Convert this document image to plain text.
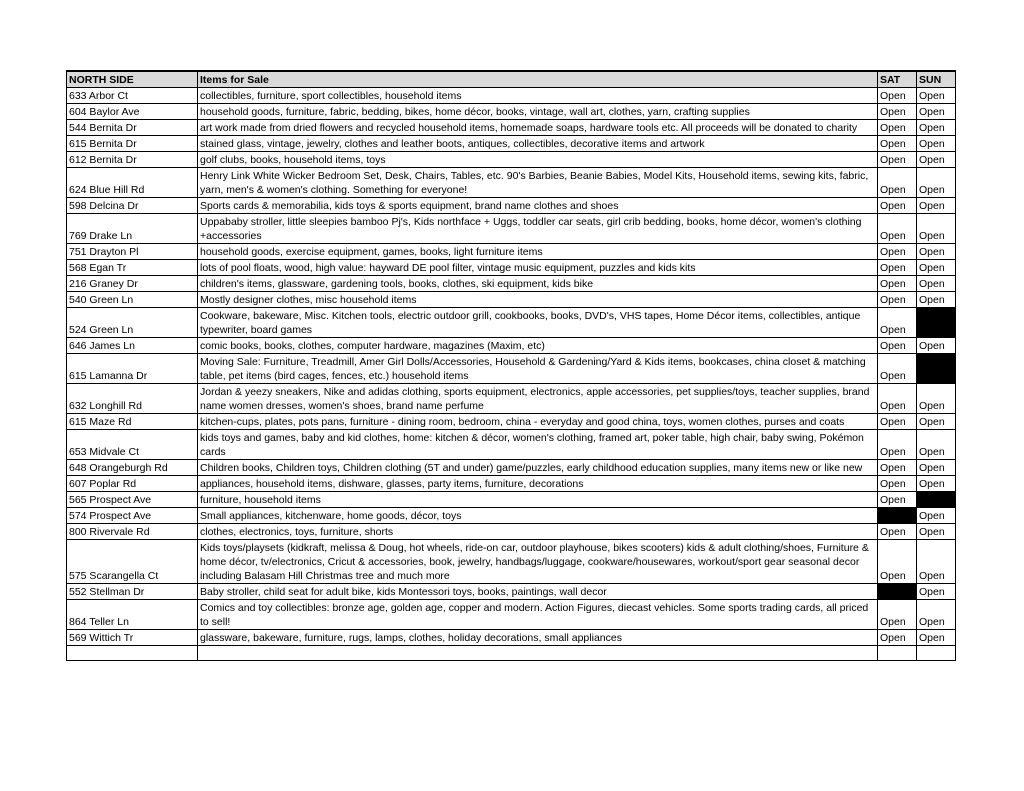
NORTH SIDE	Items for Sale	SAT	SUN
633 Arbor Ct	collectibles, furniture, sport collectibles, household items	Open	Open
604 Baylor Ave	household goods, furniture, fabric, bedding, bikes, home décor, books, vintage, wall art, clothes, yarn, crafting supplies	Open	Open
544 Bernita Dr	art work made from dried flowers and recycled household items, homemade soaps, hardware tools etc. All proceeds will be donated to charity	Open	Open
615 Bernita Dr	stained glass, vintage, jewelry, clothes and leather boots, antiques, collectibles, decorative items and artwork	Open	Open
612 Bernita Dr	golf clubs, books, household items, toys	Open	Open
624 Blue Hill Rd	Henry Link White Wicker Bedroom Set, Desk, Chairs, Tables, etc. 90's Barbies, Beanie Babies, Model Kits, Household items, sewing kits, fabric, yarn, men's & women's clothing. Something for everyone!	Open	Open
598 Delcina Dr	Sports cards & memorabilia, kids toys & sports equipment, brand name clothes and shoes	Open	Open
769 Drake Ln	Uppababy stroller, little sleepies bamboo Pj's, Kids northface + Uggs, toddler car seats, girl crib bedding, books, home décor, women's clothing +accessories	Open	Open
751 Drayton Pl	household goods, exercise equipment, games, books, light furniture items	Open	Open
568 Egan Tr	lots of pool floats, wood, high value: hayward DE pool filter, vintage music equipment, puzzles and kids kits	Open	Open
216 Graney Dr	children's items, glassware, gardening tools, books, clothes, ski equipment, kids bike	Open	Open
540 Green Ln	Mostly designer clothes, misc household items	Open	Open
524 Green Ln	Cookware, bakeware, Misc. Kitchen tools, electric outdoor grill, cookbooks, books, DVD's, VHS tapes, Home Décor items, collectibles, antique typewriter, board games	Open	
646 James Ln	comic books, books, clothes, computer hardware, magazines (Maxim, etc)	Open	Open
615 Lamanna Dr	Moving Sale: Furniture, Treadmill, Amer Girl Dolls/Accessories, Household & Gardening/Yard & Kids items, bookcases, china closet & matching table, pet items (bird cages, fences, etc.) household items	Open	
632 Longhill Rd	Jordan & yeezy sneakers, Nike and adidas clothing, sports equipment, electronics, apple accessories, pet supplies/toys, teacher supplies, brand name women dresses, women's shoes, brand name perfume	Open	Open
615 Maze Rd	kitchen-cups, plates, pots pans, furniture - dining room, bedroom, china - everyday and good china, toys, women clothes, purses and coats	Open	Open
653 Midvale Ct	kids toys and games, baby and kid clothes, home: kitchen & décor, women's clothing, framed art, poker table, high chair, baby swing, Pokémon cards	Open	Open
648 Orangeburgh Rd	Children books, Children toys, Children clothing (5T and under) game/puzzles, early childhood education supplies, many items new or like new	Open	Open
607 Poplar Rd	appliances, household items, dishware, glasses, party items, furniture, decorations	Open	Open
565 Prospect Ave	furniture, household items	Open	
574 Prospect Ave	Small appliances, kitchenware, home goods, décor, toys		Open
800 Rivervale Rd	clothes, electronics, toys, furniture, shorts	Open	Open
575 Scarangella Ct	Kids toys/playsets (kidkraft, melissa & Doug, hot wheels, ride-on car, outdoor playhouse, bikes scooters) kids & adult clothing/shoes, Furniture & home décor, tv/electronics, Cricut & accessories, book, jewelry, handbags/luggage, cookware/housewares, workout/sport gear seasonal decor including Balasam Hill Christmas tree and much more	Open	Open
552 Stellman Dr	Baby stroller, child seat for adult bike, kids Montessori toys, books, paintings, wall decor		Open
864 Teller Ln	Comics and toy collectibles: bronze age, golden age, copper and modern. Action Figures, diecast vehicles. Some sports trading cards, all priced to sell!	Open	Open
569 Wittich Tr	glassware, bakeware, furniture, rugs, lamps, clothes, holiday decorations, small appliances	Open	Open
